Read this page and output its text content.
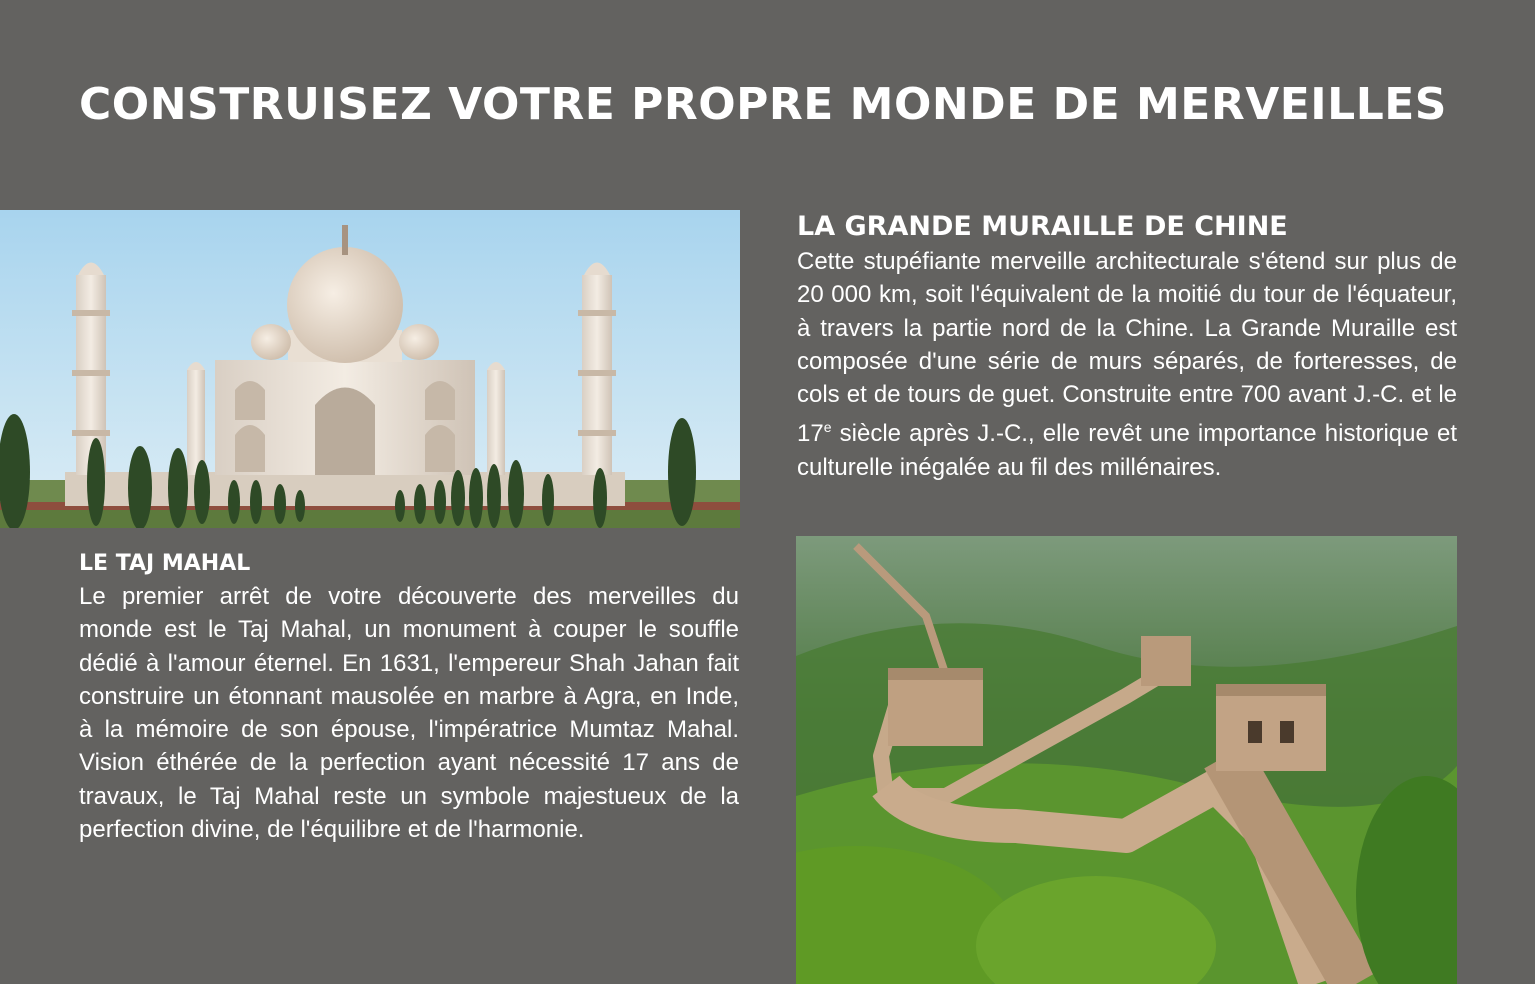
CONSTRUISEZ VOTRE PROPRE MONDE DE MERVEILLES
LA GRANDE MURAILLE DE CHINE

Cette stupéfiante merveille architecturale s'étend sur plus de 20 000 km, soit l'équivalent de la moitié du tour de l'équateur, à travers la partie nord de la Chine. La Grande Muraille est composée d'une série de murs séparés, de forteresses, de cols et de tours de guet. Construite entre 700 avant J.-C. et le 17e siècle après J.-C., elle revêt une importance historique et culturelle inégalée au fil des millénaires.

LE TAJ MAHAL

Le premier arrêt de votre découverte des merveilles du monde est le Taj Mahal, un monument à couper le souffle dédié à l'amour éternel. En 1631, l'empereur Shah Jahan fait construire un étonnant mausolée en marbre à Agra, en Inde, à la mémoire de son épouse, l'impératrice Mumtaz Mahal. Vision éthérée de la perfection ayant nécessité 17 ans de travaux, le Taj Mahal reste un symbole majestueux de la perfection divine, de l'équilibre et de l'harmonie.
